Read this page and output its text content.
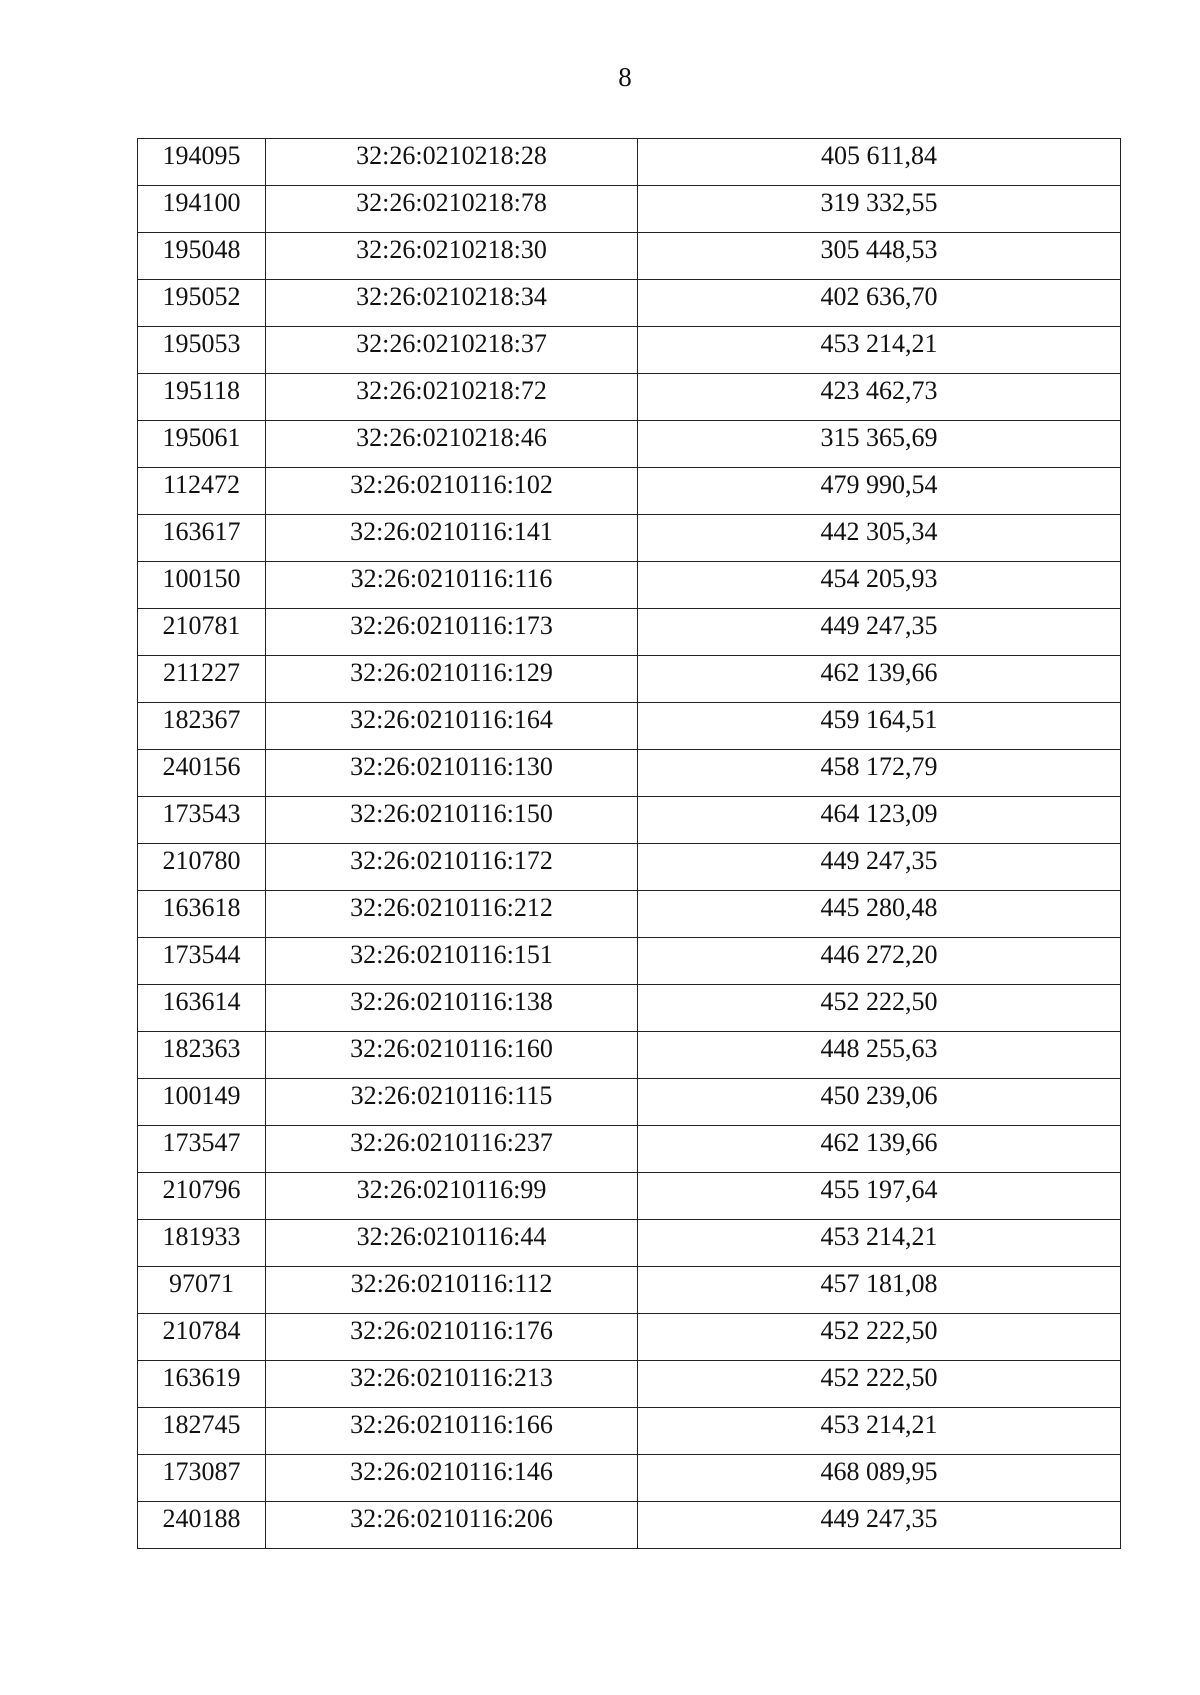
8
194095	32:26:0210218:28	405 611,84
194100	32:26:0210218:78	319 332,55
195048	32:26:0210218:30	305 448,53
195052	32:26:0210218:34	402 636,70
195053	32:26:0210218:37	453 214,21
195118	32:26:0210218:72	423 462,73
195061	32:26:0210218:46	315 365,69
112472	32:26:0210116:102	479 990,54
163617	32:26:0210116:141	442 305,34
100150	32:26:0210116:116	454 205,93
210781	32:26:0210116:173	449 247,35
211227	32:26:0210116:129	462 139,66
182367	32:26:0210116:164	459 164,51
240156	32:26:0210116:130	458 172,79
173543	32:26:0210116:150	464 123,09
210780	32:26:0210116:172	449 247,35
163618	32:26:0210116:212	445 280,48
173544	32:26:0210116:151	446 272,20
163614	32:26:0210116:138	452 222,50
182363	32:26:0210116:160	448 255,63
100149	32:26:0210116:115	450 239,06
173547	32:26:0210116:237	462 139,66
210796	32:26:0210116:99	455 197,64
181933	32:26:0210116:44	453 214,21
97071	32:26:0210116:112	457 181,08
210784	32:26:0210116:176	452 222,50
163619	32:26:0210116:213	452 222,50
182745	32:26:0210116:166	453 214,21
173087	32:26:0210116:146	468 089,95
240188	32:26:0210116:206	449 247,35
